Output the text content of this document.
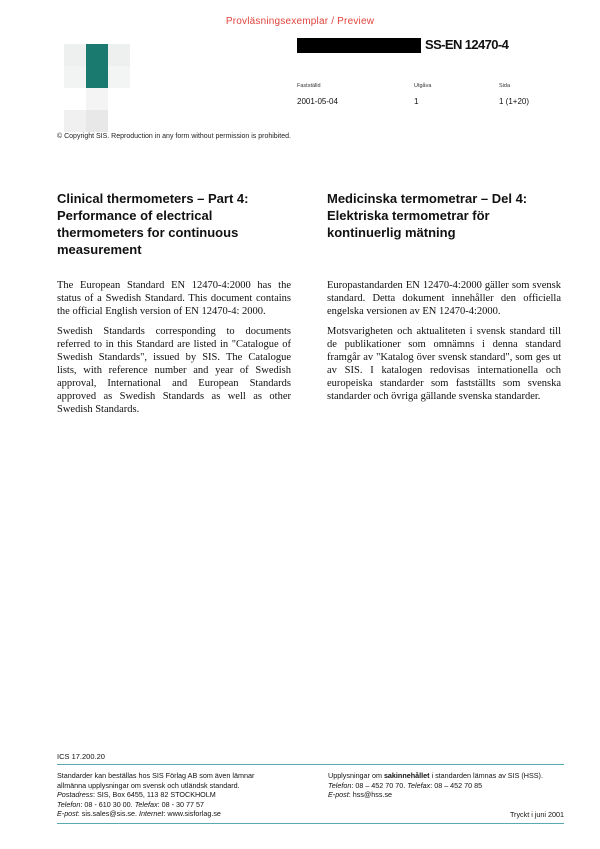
Provläsningsexemplar / Preview
SS-EN 12470-4
Fastställd	Utgåva	Sida
2001-05-04	1	1 (1+20)
© Copyright SIS. Reproduction in any form without permission is prohibited.
Clinical thermometers – Part 4: Performance of electrical thermometers for continuous measurement
Medicinska termometrar – Del 4: Elektriska termometrar för kontinuerlig mätning

The European Standard EN 12470-4:2000 has the status of a Swedish Standard. This document contains the official English version of EN 12470-4: 2000.

Swedish Standards corresponding to documents referred to in this Standard are listed in "Catalogue of Swedish Standards", issued by SIS. The Catalogue lists, with reference number and year of Swedish approval, International and European Standards approved as Swedish Standards as well as other Swedish Standards.

Europastandarden EN 12470-4:2000 gäller som svensk standard. Detta dokument innehåller den officiella engelska versionen av EN 12470-4:2000.

Motsvarigheten och aktualiteten i svensk standard till de publikationer som omnämns i denna standard framgår av "Katalog över svensk standard", som ges ut av SIS. I katalogen redovisas internationella och europeiska standarder som fastställts som svenska standarder och övriga gällande svenska standarder.

ICS 17.200.20
Standarder kan beställas hos SIS Förlag AB som även lämnar
allmänna upplysningar om svensk och utländsk standard.
Postadress: SIS, Box 6455, 113 82 STOCKHOLM
Telefon: 08 - 610 30 00. Telefax: 08 - 30 77 57
E-post: sis.sales@sis.se. Internet: www.sisforlag.se
Upplysningar om sakinnehållet i standarden lämnas av SIS (HSS).
Telefon: 08 – 452 70 70. Telefax: 08 – 452 70 85
E-post: hss@hss.se
Tryckt i juni 2001
